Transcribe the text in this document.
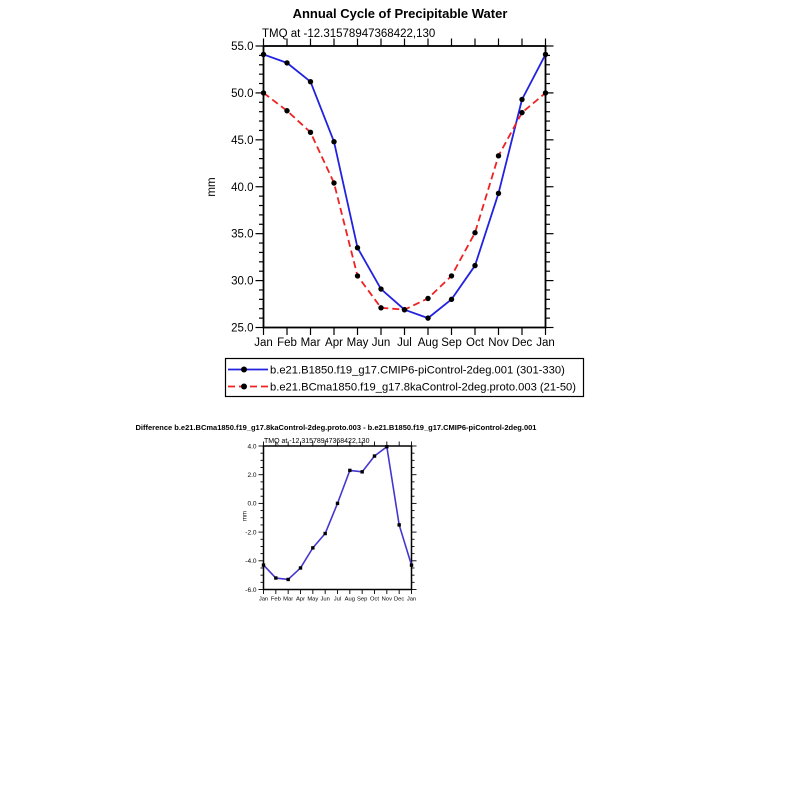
Annual Cycle of Precipitable Water
TMQ at -12.31578947368422,130
mm
25.0
30.0
35.0
40.0
45.0
50.0
55.0
Jan Feb Mar Apr May Jun Jul Aug Sep Oct Nov Dec Jan
b.e21.B1850.f19_g17.CMIP6-piControl-2deg.001 (301-330)
b.e21.BCma1850.f19_g17.8kaControl-2deg.proto.003 (21-50)
Difference b.e21.BCma1850.f19_g17.8kaControl-2deg.proto.003 - b.e21.B1850.f19_g17.CMIP6-piControl-2deg.001
TMQ at -12.31578947368422,130
mm
-6.0
-4.0
-2.0
0.0
2.0
4.0
Jan Feb Mar Apr May Jun Jul Aug Sep Oct Nov Dec Jan
